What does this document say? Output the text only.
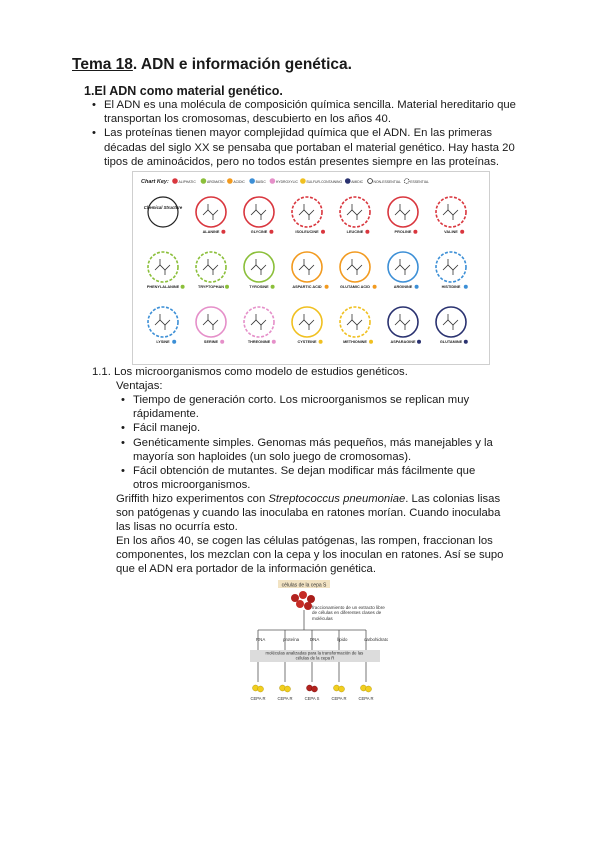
Tema 18. ADN e información genética.
1.El ADN como material genético.
• El ADN es una molécula de composición química sencilla. Material hereditario que transportan los cromosomas, descubierto en los años 40.
• Las proteínas tienen mayor complejidad química que el ADN. En las primeras décadas del siglo XX se pensaba que portaban el material genético. Hay hasta 20 tipos de aminoácidos, pero no todos están presentes siempre en las proteínas.
Chart Key:	ALIPHATIC	AROMATIC	ACIDIC	BASIC	HYDROXYLIC SULFUR-CONTAINING	AMIDIC	NON-ESSENTIAL	ESSENTIAL
Chemical Structure
ALANINE	GLYCINE	ISOLEUCINE	LEUCINE	PROLINE	VALINE
PHENYLALANINE	TRYPTOPHAN	TYROSINE	ASPARTIC ACID	GLUTAMIC ACID	ARGININE	HISTIDINE
LYSINE	SERINE	THREONINE	CYSTEINE	METHIONINE	ASPARAGINE	GLUTAMINE
1.1. Los microorganismos como modelo de estudios genéticos.
Ventajas:
• Tiempo de generación corto. Los microorganismos se replican muy rápidamente.
• Fácil manejo.
• Genéticamente simples. Genomas más pequeños, más manejables y la mayoría son haploides (un solo juego de cromosomas).
• Fácil obtención de mutantes. Se dejan modificar más fácilmente que otros microorganismos.
Griffith hizo experimentos con Streptococcus pneumoniae. Las colonias lisas son patógenas y cuando las inoculaba en ratones morían. Cuando inoculaba las lisas no ocurría esto.
En los años 40, se cogen las células patógenas, las rompen, fraccionan los componentes, los mezclan con la cepa y los inoculan en ratones. Así se supo que el ADN era portador de la información genética.
células de la cepa S
fraccionamiento de un extracto libre de células en diferentes clases de moléculas
RNA	proteína DNA	lípido	carbohidrato
moléculas analizadas para la transformación de las células de la cepa R
CEPA R	CEPA R	CEPA S	CEPA R	CEPA R
